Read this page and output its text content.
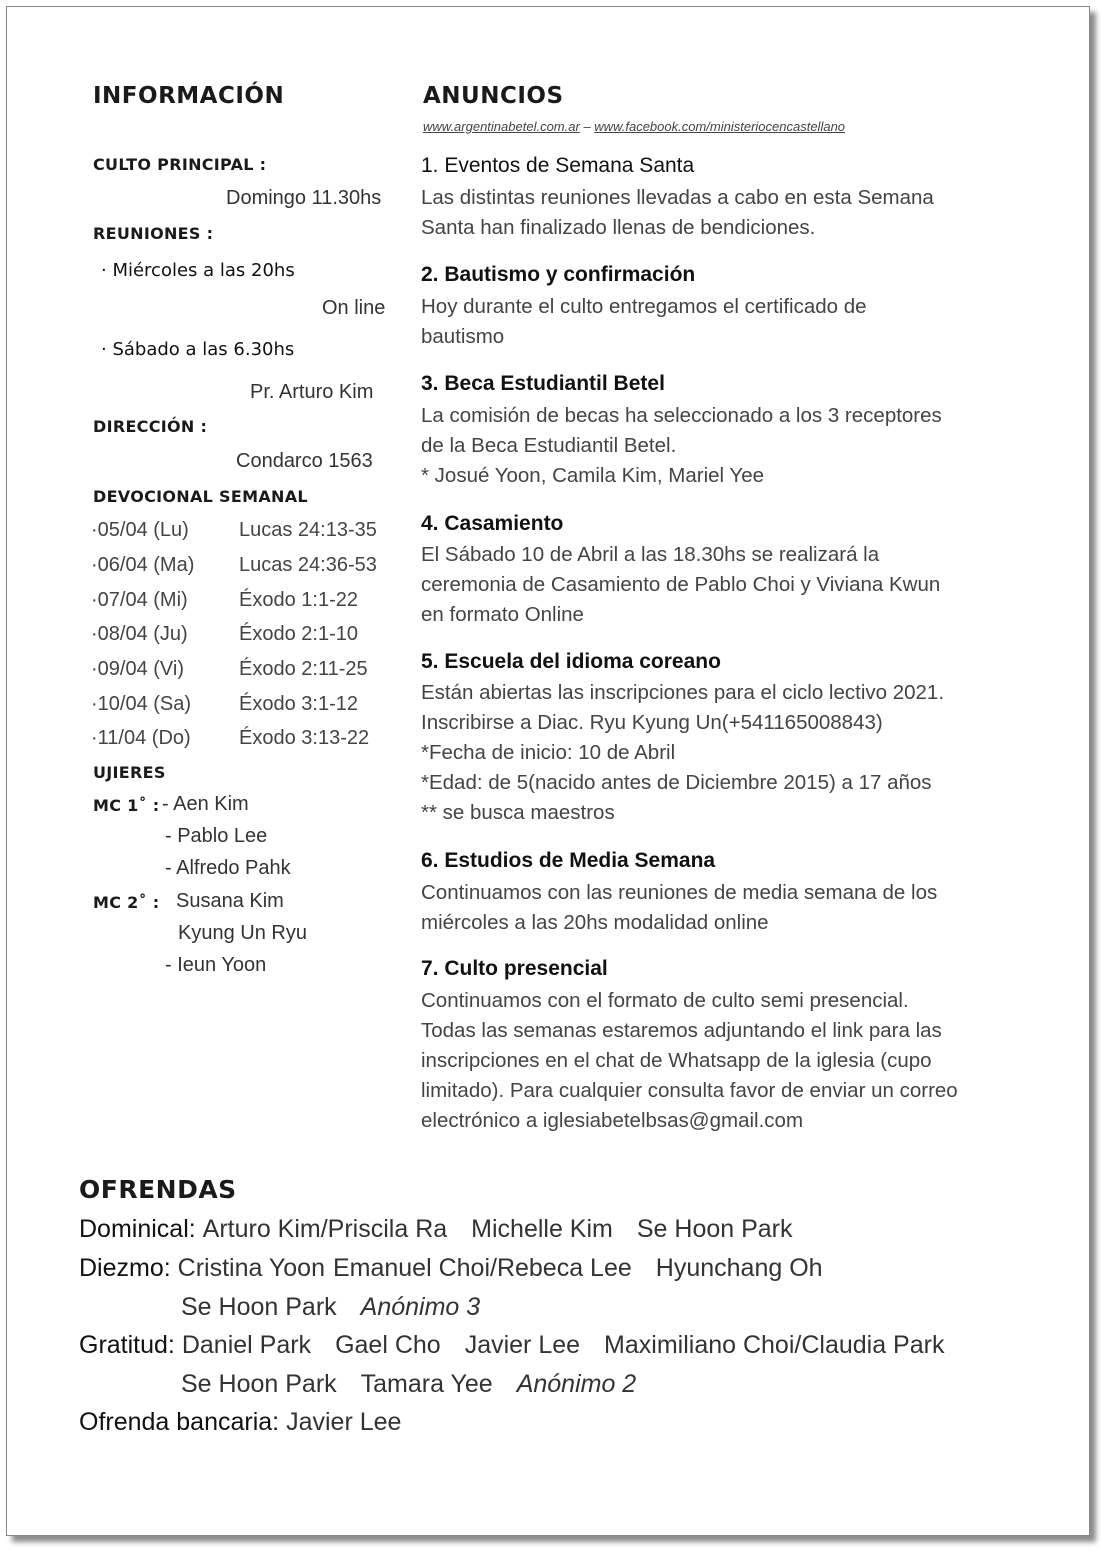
INFORMACIÓN
CULTO PRINCIPAL :
Domingo 11.30hs
REUNIONES :
· Miércoles a las 20hs
On line
· Sábado a las 6.30hs
Pr. Arturo Kim
DIRECCIÓN :
Condarco 1563
DEVOCIONAL SEMANAL
·05/04 (Lu)	Lucas 24:13-35
·06/04 (Ma) Lucas 24:36-53
·07/04 (Mi)	Éxodo 1:1-22
·08/04 (Ju)	Éxodo 2:1-10
·09/04 (Vi)	Éxodo 2:11-25
·10/04 (Sa) Éxodo 3:1-12
·11/04 (Do) Éxodo 3:13-22
UJIERES
MC 1˚ : - Aen Kim
- Pablo Lee
- Alfredo Pahk
MC 2˚ : Susana Kim
Kyung Un Ryu
- Ieun Yoon
ANUNCIOS
www.argentinabetel.com.ar – www.facebook.com/ministeriocencastellano
1. Eventos de Semana Santa
Las distintas reuniones llevadas a cabo en esta Semana
Santa han finalizado llenas de bendiciones.
2. Bautismo y confirmación
Hoy durante el culto entregamos el certificado de
bautismo
3. Beca Estudiantil Betel
La comisión de becas ha seleccionado a los 3 receptores
de la Beca Estudiantil Betel.
* Josué Yoon, Camila Kim, Mariel Yee
4. Casamiento
El Sábado 10 de Abril a las 18.30hs se realizará la
ceremonia de Casamiento de Pablo Choi y Viviana Kwun
en formato Online
5. Escuela del idioma coreano
Están abiertas las inscripciones para el ciclo lectivo 2021.
Inscribirse a Diac. Ryu Kyung Un(+541165008843)
*Fecha de inicio: 10 de Abril
*Edad: de 5(nacido antes de Diciembre 2015) a 17 años
** se busca maestros
6. Estudios de Media Semana
Continuamos con las reuniones de media semana de los
miércoles a las 20hs modalidad online
7. Culto presencial
Continuamos con el formato de culto semi presencial.
Todas las semanas estaremos adjuntando el link para las
inscripciones en el chat de Whatsapp de la iglesia (cupo
limitado). Para cualquier consulta favor de enviar un correo
electrónico a iglesiabetelbsas@gmail.com
OFRENDAS
Dominical: Arturo Kim/Priscila Ra Michelle Kim Se Hoon Park
Diezmo: Cristina Yoon Emanuel Choi/Rebeca Lee Hyunchang Oh
Se Hoon Park Anónimo 3
Gratitud: Daniel Park Gael Cho Javier Lee Maximiliano Choi/Claudia Park
Se Hoon Park Tamara Yee Anónimo 2
Ofrenda bancaria: Javier Lee
